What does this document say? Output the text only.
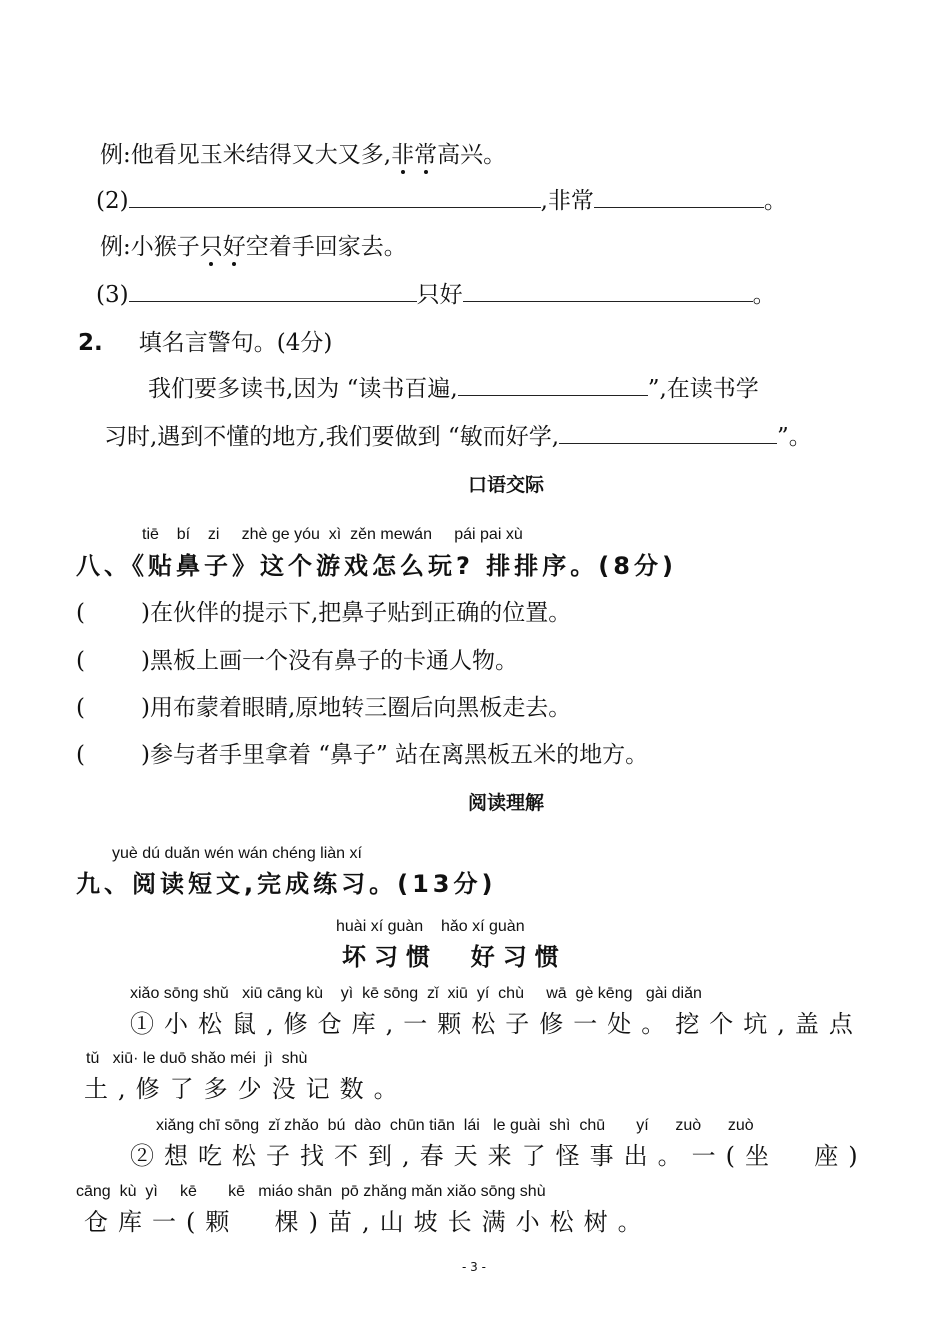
例:他看见玉米结得又大又多,非常高兴。
(2)	,非常	。
例:小猴子只好空着手回家去。
(3)	只好	。
2. 填名言警句。(4分)
我们要多读书,因为 “读书百遍,	”,在读书学
习时,遇到不懂的地方,我们要做到 “敏而好学,	”。
口语交际
tiē bí zi zhè ge yóu xì zěn mewán pái pai xù
八、《贴鼻子》这个游戏怎么玩? 排排序。(8分)
( )在伙伴的提示下,把鼻子贴到正确的位置。
( )黑板上画一个没有鼻子的卡通人物。
( )用布蒙着眼睛,原地转三圈后向黑板走去。
( )参与者手里拿着 “鼻子” 站在离黑板五米的地方。
阅读理解
yuè dú duǎn wén wán chéng liàn xí
九、阅读短文,完成练习。(13分)
huài xí guàn    hǎo xí guàn
坏习惯  好习惯
xiǎo sōng shǔ   xiū cāng kù    yì  kē sōng  zǐ  xiū  yí  chù     wā  gè kēng   gài diǎn
①小松鼠,修仓库,一颗松子修一处。挖个坑,盖点
tǔ   xiū· le duō shǎo méi  jì  shù
土,修了多少没记数。
xiǎng chī sōng  zǐ zhǎo  bú  dào  chūn tiān  lái   le guài  shì  chū       yí      zuò      zuò
②想吃松子找不到,春天来了怪事出。一(坐  座)
cāng  kù  yì     kē       kē   miáo shān  pō zhǎng mǎn xiǎo sōng shù
仓库一(颗  棵)苗,山坡长满小松树。
- 3 -
